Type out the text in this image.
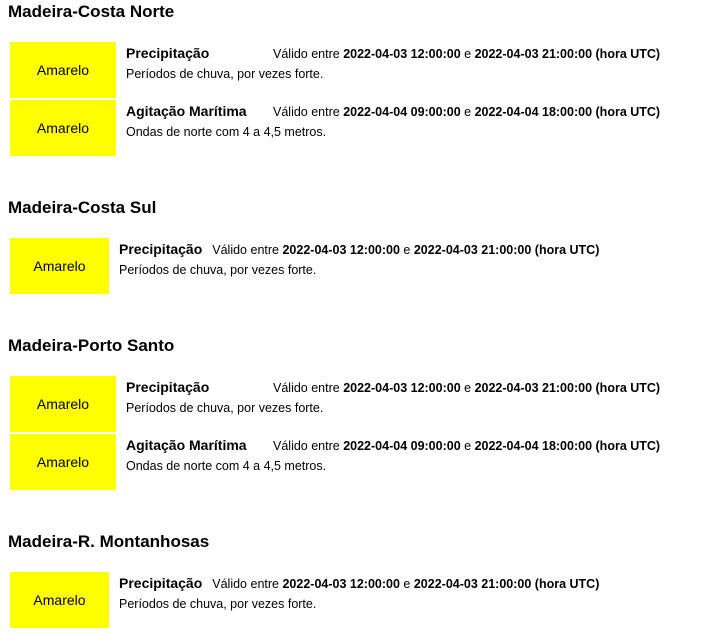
Madeira-Costa Norte
Amarelo
Precipitação	Válido entre 2022-04-03 12:00:00 e 2022-04-03 21:00:00 (hora UTC)
Períodos de chuva, por vezes forte.
Amarelo
Agitação Marítima	Válido entre 2022-04-04 09:00:00 e 2022-04-04 18:00:00 (hora UTC)
Ondas de norte com 4 a 4,5 metros.
Madeira-Costa Sul
Amarelo
Precipitação Válido entre 2022-04-03 12:00:00 e 2022-04-03 21:00:00 (hora UTC)
Períodos de chuva, por vezes forte.
Madeira-Porto Santo
Amarelo
Precipitação	Válido entre 2022-04-03 12:00:00 e 2022-04-03 21:00:00 (hora UTC)
Períodos de chuva, por vezes forte.
Amarelo
Agitação Marítima	Válido entre 2022-04-04 09:00:00 e 2022-04-04 18:00:00 (hora UTC)
Ondas de norte com 4 a 4,5 metros.
Madeira-R. Montanhosas
Amarelo
Precipitação Válido entre 2022-04-03 12:00:00 e 2022-04-03 21:00:00 (hora UTC)
Períodos de chuva, por vezes forte.
